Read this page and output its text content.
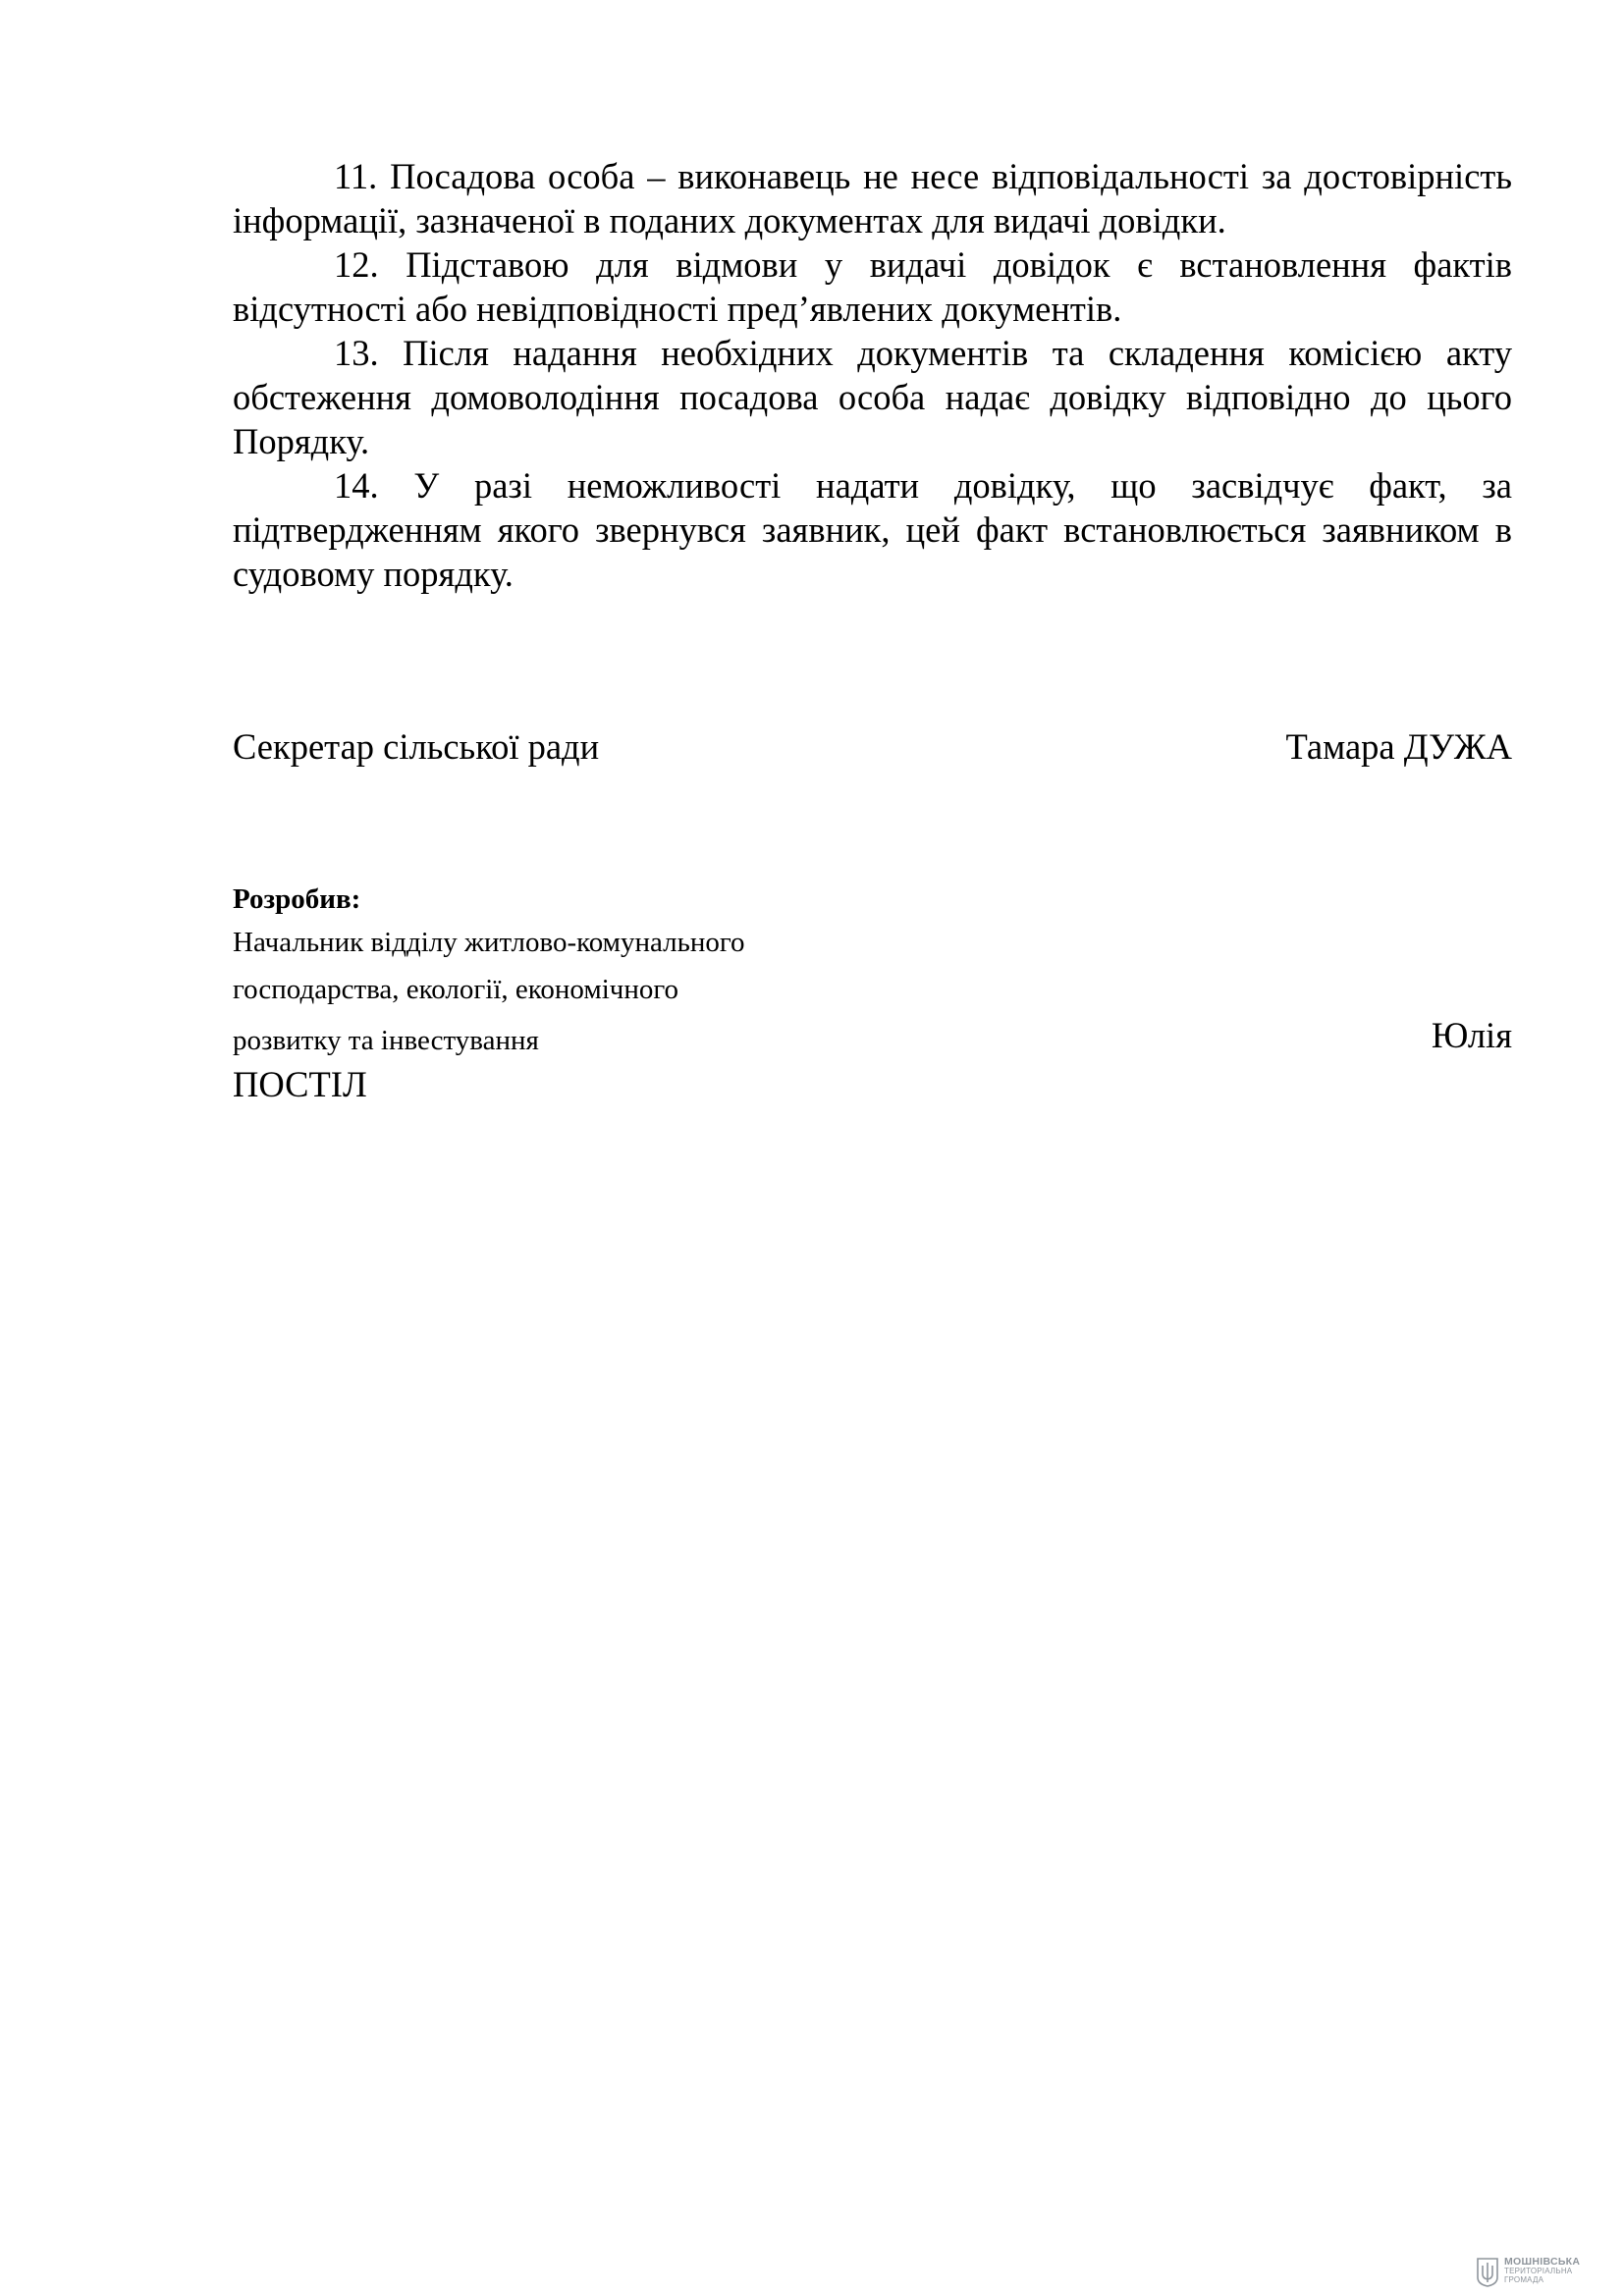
11. Посадова особа – виконавець не несе відповідальності за достовірність інформації, зазначеної в поданих документах для видачі довідки.

12. Підставою для відмови у видачі довідок є встановлення фактів відсутності або невідповідності пред’явлених документів.

13. Після надання необхідних документів та складення комісією акту обстеження домоволодіння посадова особа надає довідку відповідно до цього Порядку.

14. У разі неможливості надати довідку, що засвідчує факт, за підтвердженням якого звернувся заявник, цей факт встановлюється заявником в судовому порядку.

Секретар сільської ради	Тамара ДУЖА

Розробив:

Начальник відділу житлово-комунального

господарства, екології, економічного

розвитку та інвестування	Юлія

ПОСТІЛ

МОШНІВСЬКА
ТЕРИТОРІАЛЬНА
ГРОМАДА
